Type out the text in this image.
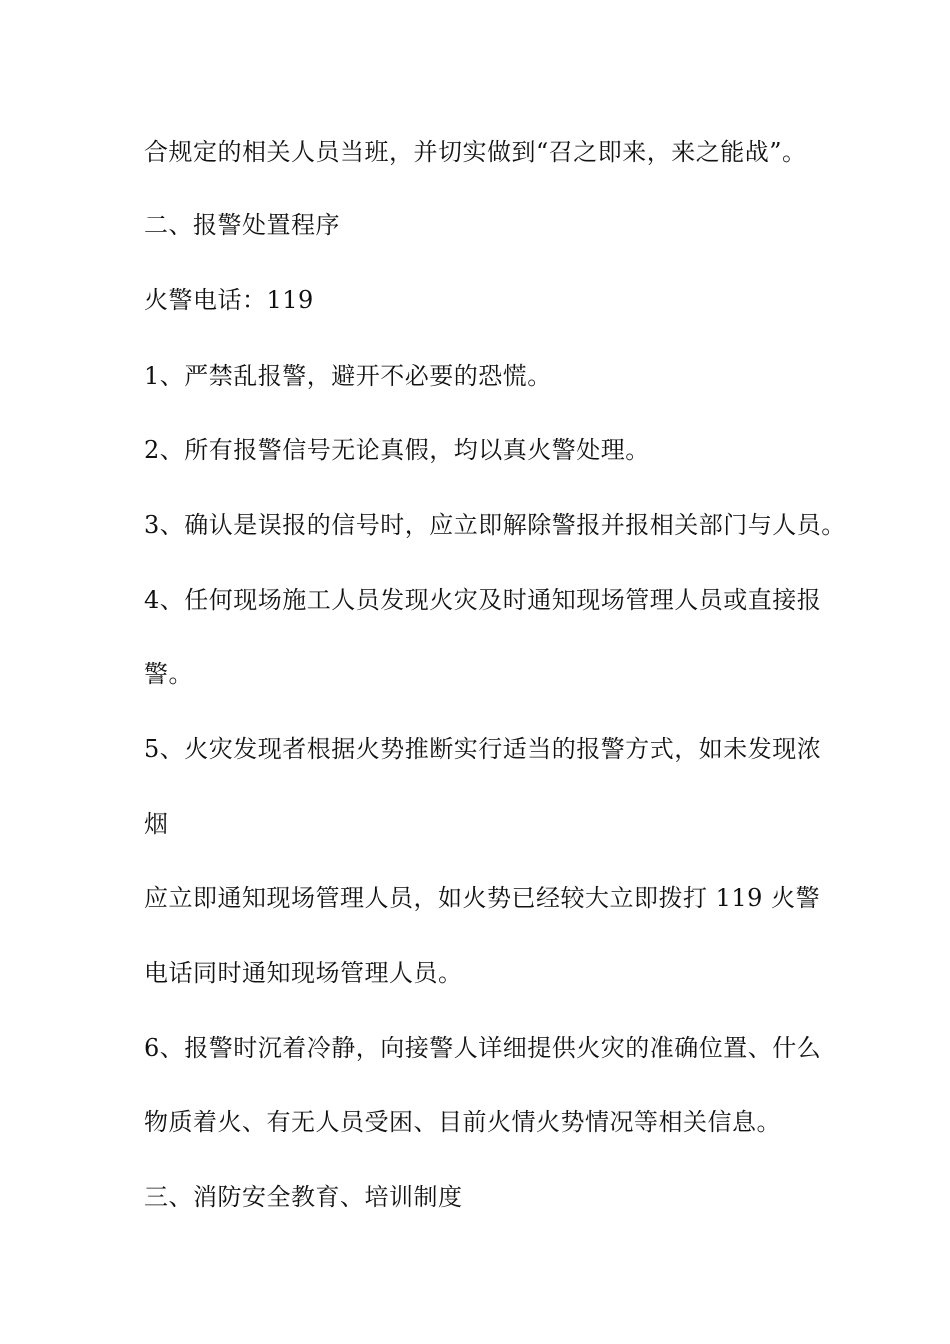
合规定的相关人员当班，并切实做到“召之即来，来之能战”。
二、报警处置程序
火警电话：119
1、严禁乱报警，避开不必要的恐慌。
2、所有报警信号无论真假，均以真火警处理。
3、确认是误报的信号时，应立即解除警报并报相关部门与人员。
4、任何现场施工人员发现火灾及时通知现场管理人员或直接报
警。
5、火灾发现者根据火势推断实行适当的报警方式，如未发现浓
烟
应立即通知现场管理人员，如火势已经较大立即拨打 119 火警
电话同时通知现场管理人员。
6、报警时沉着冷静，向接警人详细提供火灾的准确位置、什么
物质着火、有无人员受困、目前火情火势情况等相关信息。
三、消防安全教育、培训制度
